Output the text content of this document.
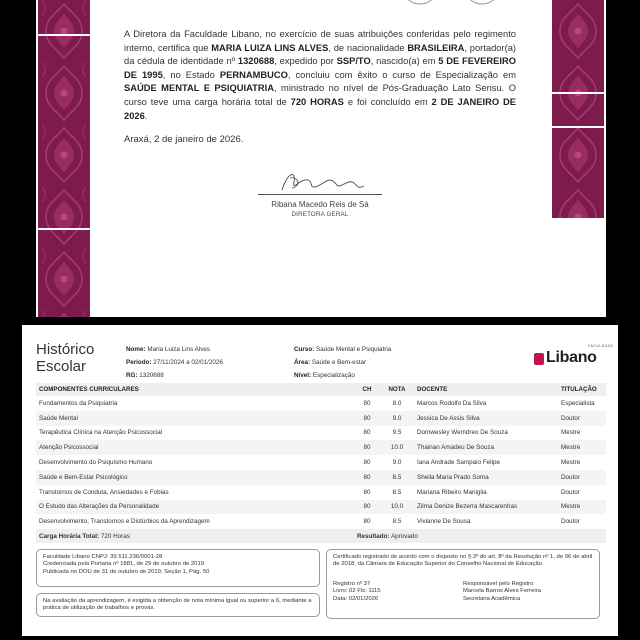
A Diretora da Faculdade Libano, no exercício de suas atribuições conferidas pelo regimento interno, certifica que MARIA LUIZA LINS ALVES, de nacionalidade BRASILEIRA, portador(a) da cédula de identidade nº 1320688, expedido por SSP/TO, nascido(a) em 5 DE FEVEREIRO DE 1995, no Estado PERNAMBUCO, concluiu com êxito o curso de Especialização em SAÚDE MENTAL E PSIQUIATRIA, ministrado no nível de Pós-Graduação Lato Sensu. O curso teve uma carga horária total de 720 HORAS e foi concluído em 2 DE JANEIRO DE 2026.

Araxá, 2 de janeiro de 2026.
Ribana Macedo Reis de Sá
DIRETORA GERAL
Histórico
Escolar
Nome: Maria Luiza Lins Alves
Período: 27/11/2024 a 02/01/2026
RG: 1320688
Curso: Saúde Mental e Psiquiatria
Área: Saúde e Bem-estar
Nível: Especialização
Libano
FACULDADE
COMPONENTES CURRICULARES	CH	NOTA	DOCENTE	TITULAÇÃO
Fundamentos da Psiquiatria	80	8.0	Marcos Rodolfo Da Silva	Especialista
Saúde Mental	80	9.0	Jessica De Assis Silva	Doutor
Terapêutica Clínica na Atenção Psicossocial	80	9.5	Domwesley Wemdreo De Souza	Mestre
Atenção Psicossocial	80	10.0	Thainan Amadeu De Souza	Mestre
Desenvolvimento do Psiquismo Humano	80	9.0	Iana Andrade Sampaio Felipe	Mestre
Saúde e Bem-Estar Psicológico	80	8.5	Sheila Maria Prado Soma	Doutor
Transtornos de Conduta, Ansiedades e Fobias	80	8.5	Mariana Ribeiro Maniglia	Doutor
O Estudo das Alterações da Personalidade	80	10.0	Zilma Denize Bezerra Mascarenhas	Mestre
Desenvolvimento, Transtornos e Distúrbios da Aprendizagem	80	8.5	Vivianne De Sousa	Doutor
Carga Horária Total: 720 Horas	Resultado: Aprovado			
Faculdade Libano CNPJ: 39.511.236/0001-28
Credenciada pela Portaria nº 1881, de 29 de outubro de 2019
Publicada no DOU de 31 de outubro de 2019, Seção 1, Pág. 50
Na avaliação da aprendizagem, é exigida a obtenção de nota mínima igual ou superior a 6, mediante a prática de utilização de trabalhos e provas.
Certificado registrado de acordo com o disposto no § 2º do art. 8º da Resolução nº 1, de 06 de abril de 2018, da Câmara de Educação Superior do Conselho Nacional de Educação.
Registro nº 37
Livro: 02 Fls: 1115
Data: 02/01/2026
Responsável pelo Registro
Marcela Barros Alves Ferreira
Secretaria Acadêmica
